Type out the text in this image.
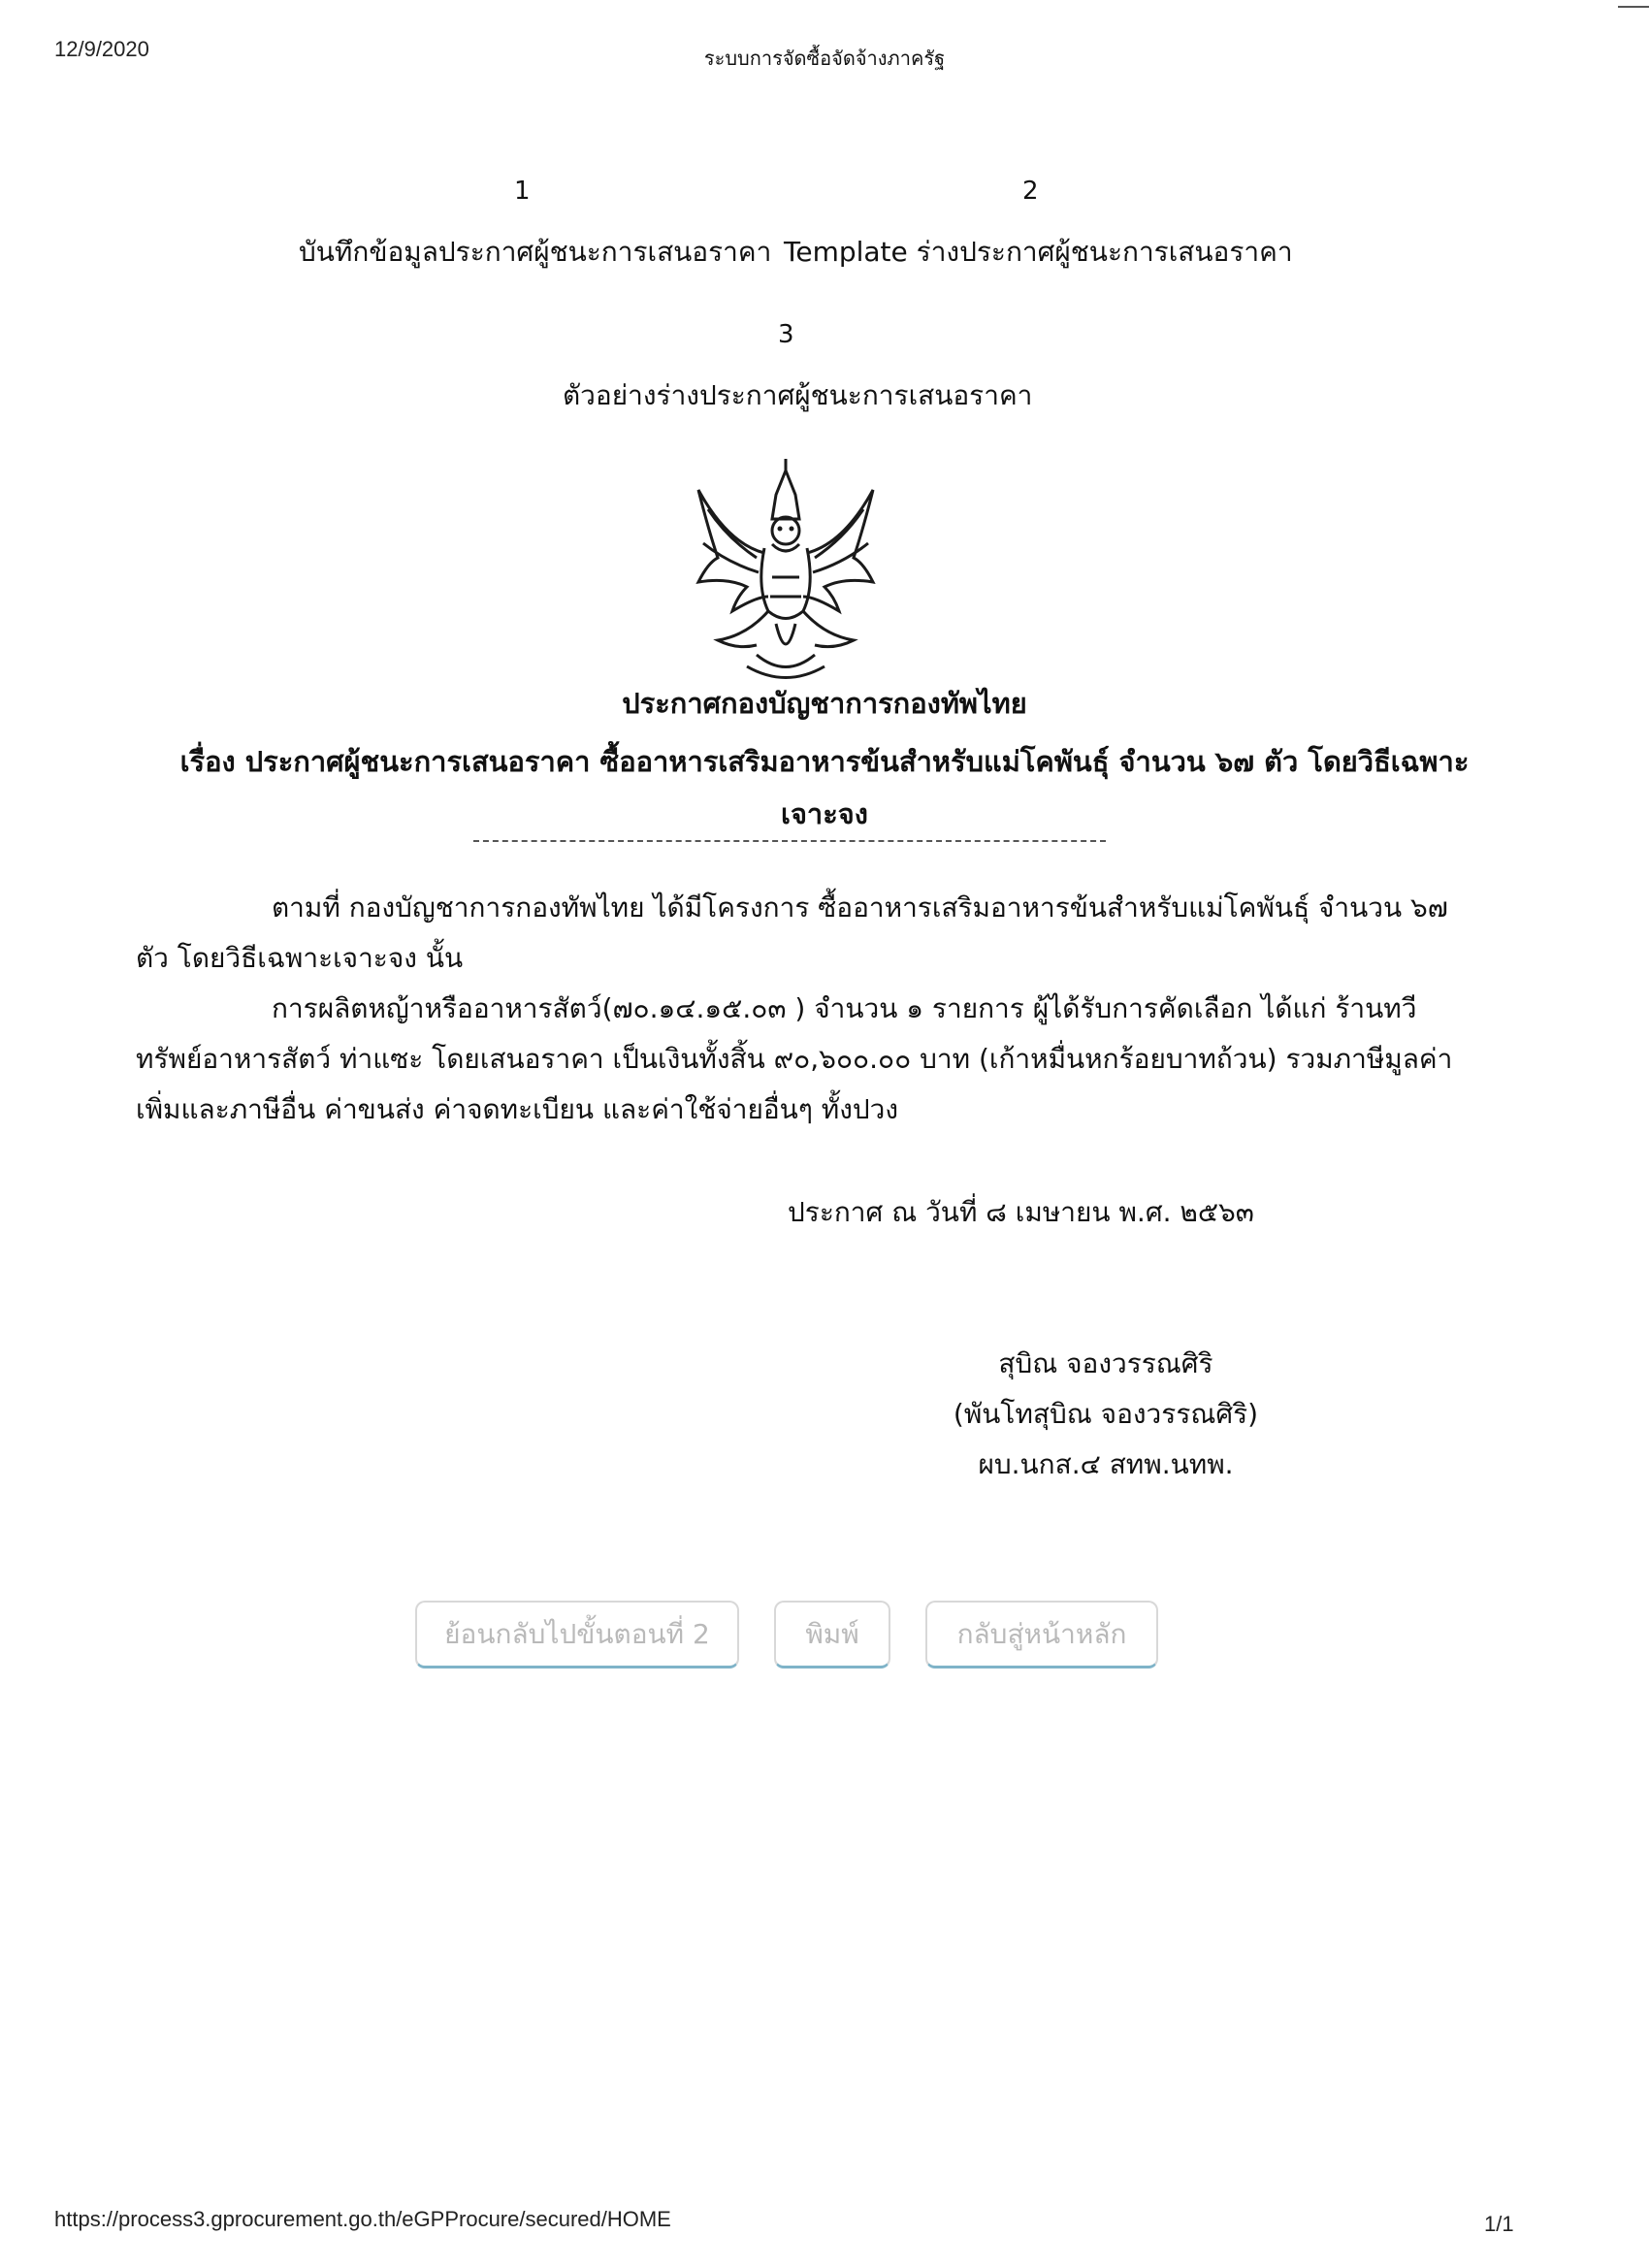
12/9/2020	ระบบการจัดซื้อจัดจ้างภาครัฐ
1
บันทึกข้อมูลประกาศผู้ชนะการเสนอราคา
2
Template ร่างประกาศผู้ชนะการเสนอราคา
3
ตัวอย่างร่างประกาศผู้ชนะการเสนอราคา
ประกาศกองบัญชาการกองทัพไทย
เรื่อง ประกาศผู้ชนะการเสนอราคา ซื้ออาหารเสริมอาหารข้นสำหรับแม่โคพันธุ์ จำนวน ๖๗ ตัว โดยวิธีเฉพาะ
เจาะจง
ตามที่ กองบัญชาการกองทัพไทย ได้มีโครงการ ซื้ออาหารเสริมอาหารข้นสำหรับแม่โคพันธุ์ จำนวน ๖๗
ตัว โดยวิธีเฉพาะเจาะจง นั้น
การผลิตหญ้าหรืออาหารสัตว์(๗๐.๑๔.๑๕.๐๓ ) จำนวน ๑ รายการ ผู้ได้รับการคัดเลือก ได้แก่ ร้านทวี
ทรัพย์อาหารสัตว์ ท่าแซะ โดยเสนอราคา เป็นเงินทั้งสิ้น ๙๐,๖๐๐.๐๐ บาท (เก้าหมื่นหกร้อยบาทถ้วน) รวมภาษีมูลค่า
เพิ่มและภาษีอื่น ค่าขนส่ง ค่าจดทะเบียน และค่าใช้จ่ายอื่นๆ ทั้งปวง
ประกาศ ณ วันที่ ๘ เมษายน พ.ศ. ๒๕๖๓
สุบิณ จองวรรณศิริ
(พันโทสุบิณ จองวรรณศิริ)
ผบ.นกส.๔ สทพ.นทพ.
ย้อนกลับไปขั้นตอนที่ 2	พิมพ์	กลับสู่หน้าหลัก
https://process3.gprocurement.go.th/eGPProcure/secured/HOME	1/1
